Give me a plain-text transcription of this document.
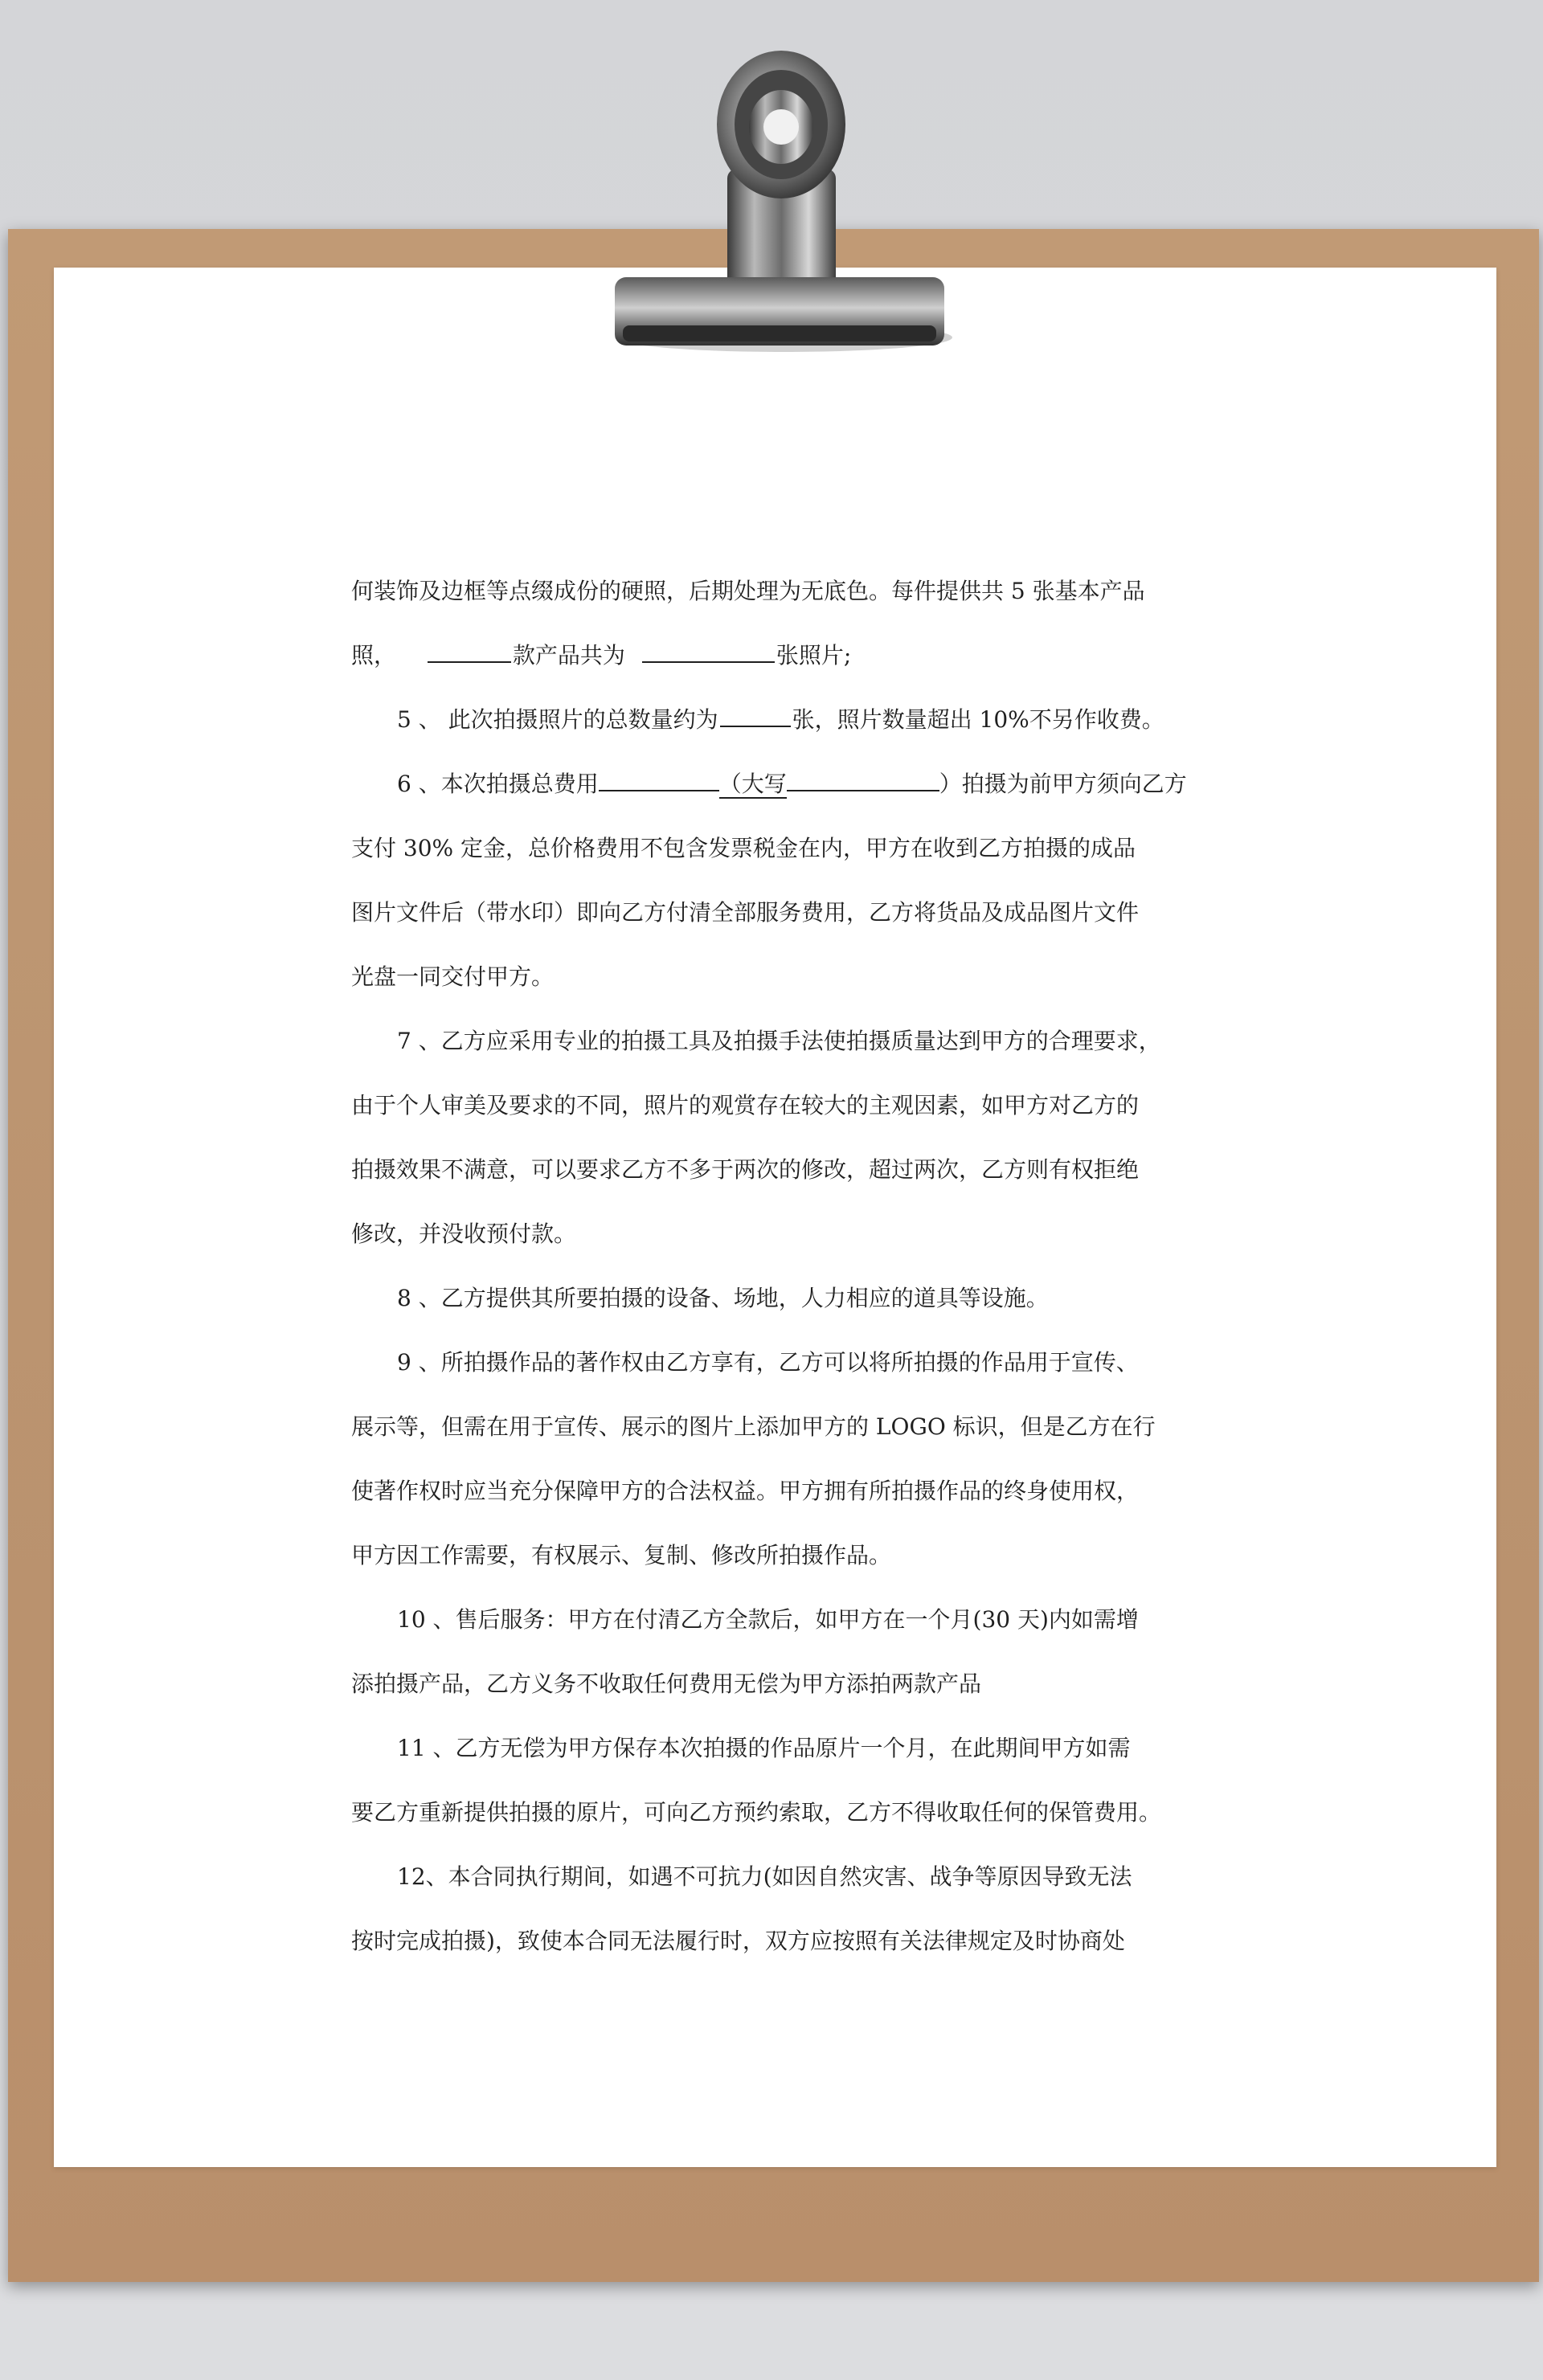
何装饰及边框等点缀成份的硬照，后期处理为无底色。每件提供共 5 张基本产品
照，	款产品共为	张照片;
5 、 此次拍摄照片的总数量约为	张，照片数量超出 10%不另作收费。
6 、本次拍摄总费用	（大写	）拍摄为前甲方须向乙方
支付 30% 定金，总价格费用不包含发票税金在内，甲方在收到乙方拍摄的成品
图片文件后（带水印）即向乙方付清全部服务费用，乙方将货品及成品图片文件
光盘一同交付甲方。
7 、乙方应采用专业的拍摄工具及拍摄手法使拍摄质量达到甲方的合理要求，
由于个人审美及要求的不同，照片的观赏存在较大的主观因素，如甲方对乙方的
拍摄效果不满意，可以要求乙方不多于两次的修改，超过两次，乙方则有权拒绝
修改，并没收预付款。
8 、乙方提供其所要拍摄的设备、场地，人力相应的道具等设施。
9 、所拍摄作品的著作权由乙方享有，乙方可以将所拍摄的作品用于宣传、
展示等，但需在用于宣传、展示的图片上添加甲方的 LOGO 标识，但是乙方在行
使著作权时应当充分保障甲方的合法权益。甲方拥有所拍摄作品的终身使用权，
甲方因工作需要，有权展示、复制、修改所拍摄作品。
10 、售后服务：甲方在付清乙方全款后，如甲方在一个月(30 天)内如需增
添拍摄产品，乙方义务不收取任何费用无偿为甲方添拍两款产品
11 、乙方无偿为甲方保存本次拍摄的作品原片一个月，在此期间甲方如需
要乙方重新提供拍摄的原片，可向乙方预约索取，乙方不得收取任何的保管费用。
12、本合同执行期间，如遇不可抗力(如因自然灾害、战争等原因导致无法
按时完成拍摄)，致使本合同无法履行时，双方应按照有关法律规定及时协商处
